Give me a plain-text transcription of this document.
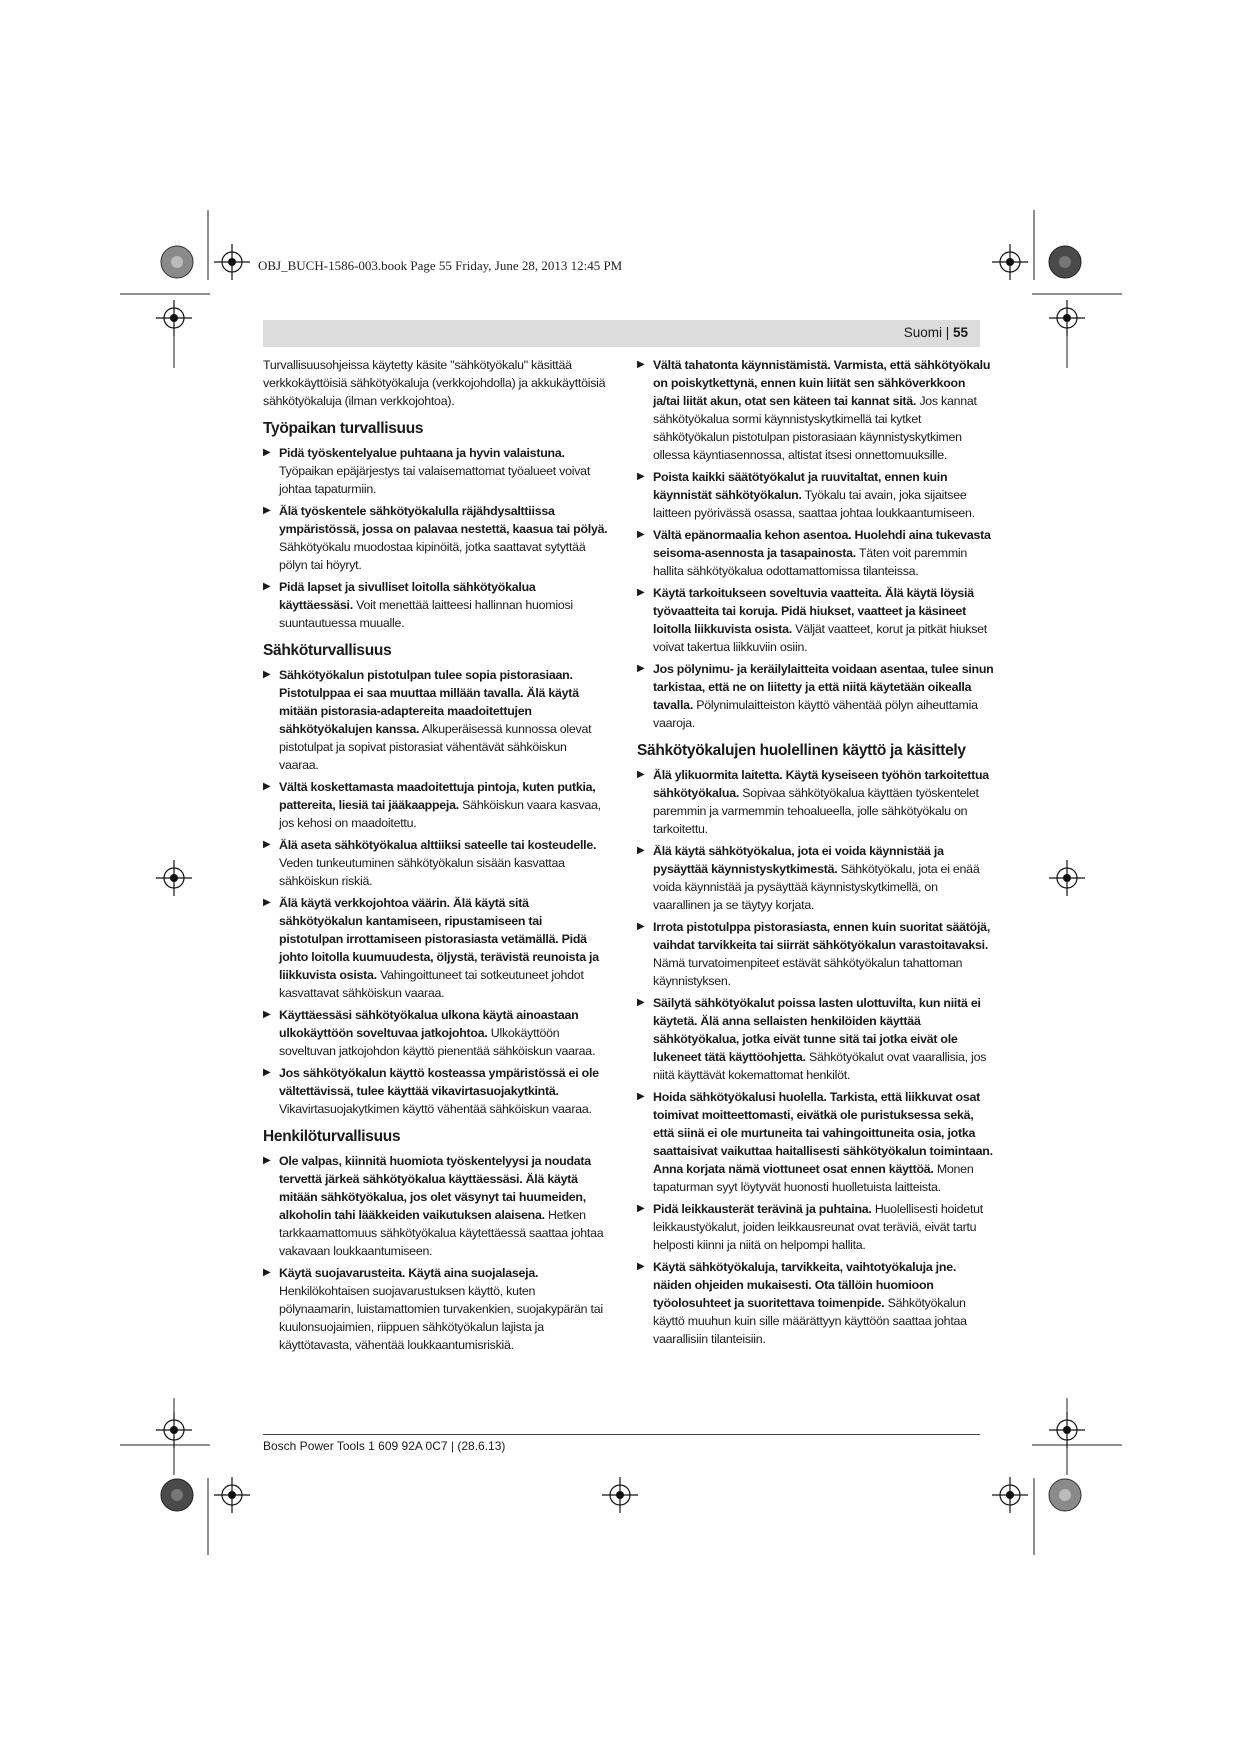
OBJ_BUCH-1586-003.book Page 55 Friday, June 28, 2013 12:45 PM
Suomi | 55

Turvallisuusohjeissa käytetty käsite "sähkötyökalu" käsittää verkkokäyttöisiä sähkötyökaluja (verkkojohdolla) ja akkukäyttöisiä sähkötyökaluja (ilman verkkojohtoa).

Työpaikan turvallisuus
▶ Pidä työskentelyalue puhtaana ja hyvin valaistuna. Työpaikan epäjärjestys tai valaisemattomat työalueet voivat johtaa tapaturmiin.
▶ Älä työskentele sähkötyökalulla räjähdysalttiissa ympäristössä, jossa on palavaa nestettä, kaasua tai pölyä. Sähkötyökalu muodostaa kipinöitä, jotka saattavat sytyttää pölyn tai höyryt.
▶ Pidä lapset ja sivulliset loitolla sähkötyökalua käyttäessäsi. Voit menettää laitteesi hallinnan huomiosi suuntautuessa muualle.
Sähköturvallisuus
▶ Sähkötyökalun pistotulpan tulee sopia pistorasiaan. Pistotulppaa ei saa muuttaa millään tavalla. Älä käytä mitään pistorasia-adaptereita maadoitettujen sähkötyökalujen kanssa. Alkuperäisessä kunnossa olevat pistotulpat ja sopivat pistorasiat vähentävät sähköiskun vaaraa.
▶ Vältä koskettamasta maadoitettuja pintoja, kuten putkia, pattereita, liesiä tai jääkaappeja. Sähköiskun vaara kasvaa, jos kehosi on maadoitettu.
▶ Älä aseta sähkötyökalua alttiiksi sateelle tai kosteudelle. Veden tunkeutuminen sähkötyökalun sisään kasvattaa sähköiskun riskiä.
▶ Älä käytä verkkojohtoa väärin. Älä käytä sitä sähkötyökalun kantamiseen, ripustamiseen tai pistotulpan irrottamiseen pistorasiasta vetämällä. Pidä johto loitolla kuumuudesta, öljystä, terävistä reunoista ja liikkuvista osista. Vahingoittuneet tai sotkeutuneet johdot kasvattavat sähköiskun vaaraa.
▶ Käyttäessäsi sähkötyökalua ulkona käytä ainoastaan ulkokäyttöön soveltuvaa jatkojohtoa. Ulkokäyttöön soveltuvan jatkojohdon käyttö pienentää sähköiskun vaaraa.
▶ Jos sähkötyökalun käyttö kosteassa ympäristössä ei ole vältettävissä, tulee käyttää vikavirtasuojakytkintä. Vikavirtasuojakytkimen käyttö vähentää sähköiskun vaaraa.
Henkilöturvallisuus
▶ Ole valpas, kiinnitä huomiota työskentelyysi ja noudata tervettä järkeä sähkötyökalua käyttäessäsi. Älä käytä mitään sähkötyökalua, jos olet väsynyt tai huumeiden, alkoholin tahi lääkkeiden vaikutuksen alaisena. Hetken tarkkaamattomuus sähkötyökalua käytettäessä saattaa johtaa vakavaan loukkaantumiseen.
▶ Käytä suojavarusteita. Käytä aina suojalaseja. Henkilökohtaisen suojavarustuksen käyttö, kuten pölynaamarin, luistamattomien turvakenkien, suojakypärän tai kuulonsuojaimien, riippuen sähkötyökalun lajista ja käyttötavasta, vähentää loukkaantumisriskiä.
▶ Vältä tahatonta käynnistämistä. Varmista, että sähkötyökalu on poiskytkettynä, ennen kuin liität sen sähköverkkoon ja/tai liität akun, otat sen käteen tai kannat sitä. Jos kannat sähkötyökalua sormi käynnistyskytkimellä tai kytket sähkötyökalun pistotulpan pistorasiaan käynnistyskytkimen ollessa käyntiasennossa, altistat itsesi onnettomuuksille.
▶ Poista kaikki säätötyökalut ja ruuvitaltat, ennen kuin käynnistät sähkötyökalun. Työkalu tai avain, joka sijaitsee laitteen pyörivässä osassa, saattaa johtaa loukkaantumiseen.
▶ Vältä epänormaalia kehon asentoa. Huolehdi aina tukevasta seisoma-asennosta ja tasapainosta. Täten voit paremmin hallita sähkötyökalua odottamattomissa tilanteissa.
▶ Käytä tarkoitukseen soveltuvia vaatteita. Älä käytä löysiä työvaatteita tai koruja. Pidä hiukset, vaatteet ja käsineet loitolla liikkuvista osista. Väljät vaatteet, korut ja pitkät hiukset voivat takertua liikkuviin osiin.
▶ Jos pölynimu- ja keräilylaitteita voidaan asentaa, tulee sinun tarkistaa, että ne on liitetty ja että niitä käytetään oikealla tavalla. Pölynimulaitteiston käyttö vähentää pölyn aiheuttamia vaaroja.
Sähkötyökalujen huolellinen käyttö ja käsittely
▶ Älä ylikuormita laitetta. Käytä kyseiseen työhön tarkoitettua sähkötyökalua. Sopivaa sähkötyökalua käyttäen työskentelet paremmin ja varmemmin tehoalueella, jolle sähkötyökalu on tarkoitettu.
▶ Älä käytä sähkötyökalua, jota ei voida käynnistää ja pysäyttää käynnistyskytkimestä. Sähkötyökalu, jota ei enää voida käynnistää ja pysäyttää käynnistyskytkimellä, on vaarallinen ja se täytyy korjata.
▶ Irrota pistotulppa pistorasiasta, ennen kuin suoritat säätöjä, vaihdat tarvikkeita tai siirrät sähkötyökalun varastoitavaksi. Nämä turvatoimenpiteet estävät sähkötyökalun tahattoman käynnistyksen.
▶ Säilytä sähkötyökalut poissa lasten ulottuvilta, kun niitä ei käytetä. Älä anna sellaisten henkilöiden käyttää sähkötyökalua, jotka eivät tunne sitä tai jotka eivät ole lukeneet tätä käyttöohjetta. Sähkötyökalut ovat vaarallisia, jos niitä käyttävät kokemattomat henkilöt.
▶ Hoida sähkötyökalusi huolella. Tarkista, että liikkuvat osat toimivat moitteettomasti, eivätkä ole puristuksessa sekä, että siinä ei ole murtuneita tai vahingoittuneita osia, jotka saattaisivat vaikuttaa haitallisesti sähkötyökalun toimintaan. Anna korjata nämä viottuneet osat ennen käyttöä. Monen tapaturman syyt löytyvät huonosti huolletuista laitteista.
▶ Pidä leikkausterät terävinä ja puhtaina. Huolellisesti hoidetut leikkaustyökalut, joiden leikkausreunat ovat teräviä, eivät tartu helposti kiinni ja niitä on helpompi hallita.
▶ Käytä sähkötyökaluja, tarvikkeita, vaihtotyökaluja jne. näiden ohjeiden mukaisesti. Ota tällöin huomioon työolosuhteet ja suoritettava toimenpide. Sähkötyökalun käyttö muuhun kuin sille määrättyyn käyttöön saattaa johtaa vaarallisiin tilanteisiin.
Bosch Power Tools 1 609 92A 0C7 | (28.6.13)
